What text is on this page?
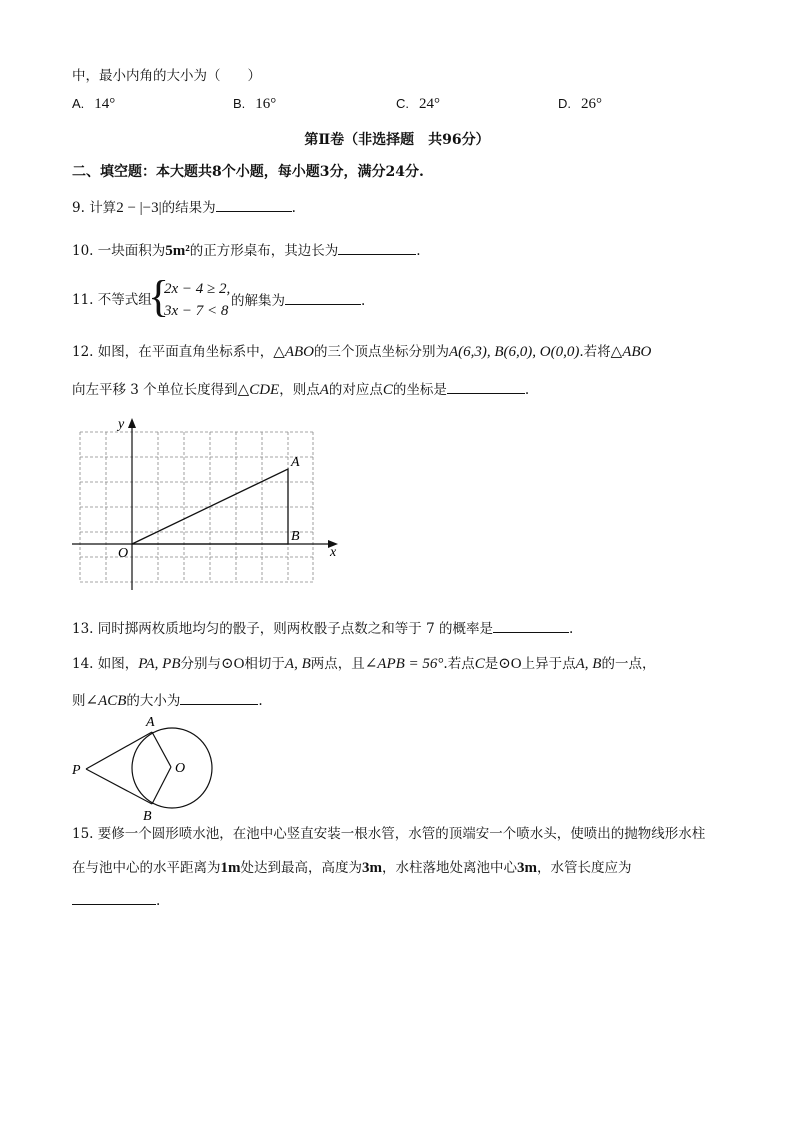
中，最小内角的大小为（　　）
A. 14°	B. 16°	C. 24°	D. 26°
第Ⅱ卷（非选择题　共96分）
二、填空题：本大题共8个小题，每小题3分，满分24分.
9. 计算2 − |−3|的结果为	.
10. 一块面积为5m²的正方形桌布，其边长为	.
11. 不等式组
{
2x − 4 ≥ 2,
3x − 7 < 8
的解集为	.
12. 如图，在平面直角坐标系中，△ABO的三个顶点坐标分别为A(6,3), B(6,0), O(0,0).若将△ABO
向左平移 3 个单位长度得到△CDE，则点A的对应点C的坐标是	.
x
y
O
A
B
13. 同时掷两枚质地均匀的骰子，则两枚骰子点数之和等于 7 的概率是	.
14. 如图，PA, PB分别与⊙O相切于A, B两点，且∠APB = 56°.若点C是⊙O上异于点A, B的一点，
则∠ACB的大小为	.
P
A
B
O
15. 要修一个圆形喷水池，在池中心竖直安装一根水管，水管的顶端安一个喷水头，使喷出的抛物线形水柱
在与池中心的水平距离为1m处达到最高，高度为3m，水柱落地处离池中心3m，水管长度应为
.
